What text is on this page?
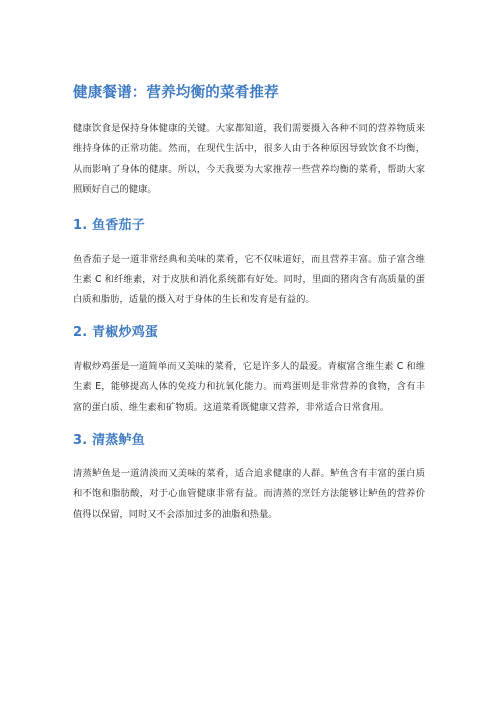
健康餐谱：营养均衡的菜肴推荐

健康饮食是保持身体健康的关键。大家都知道，我们需要摄入各种不同的营养物质来维持身体的正常功能。然而，在现代生活中，很多人由于各种原因导致饮食不均衡，从而影响了身体的健康。所以，今天我要为大家推荐一些营养均衡的菜肴，帮助大家照顾好自己的健康。

1. 鱼香茄子

鱼香茄子是一道非常经典和美味的菜肴，它不仅味道好，而且营养丰富。茄子富含维生素 C 和纤维素，对于皮肤和消化系统都有好处。同时，里面的猪肉含有高质量的蛋白质和脂肪，适量的摄入对于身体的生长和发育是有益的。

2. 青椒炒鸡蛋

青椒炒鸡蛋是一道简单而又美味的菜肴，它是许多人的最爱。青椒富含维生素 C 和维生素 E，能够提高人体的免疫力和抗氧化能力。而鸡蛋则是非常营养的食物，含有丰富的蛋白质、维生素和矿物质。这道菜肴既健康又营养，非常适合日常食用。

3. 清蒸鲈鱼

清蒸鲈鱼是一道清淡而又美味的菜肴，适合追求健康的人群。鲈鱼含有丰富的蛋白质和不饱和脂肪酸，对于心血管健康非常有益。而清蒸的烹饪方法能够让鲈鱼的营养价值得以保留，同时又不会添加过多的油脂和热量。
